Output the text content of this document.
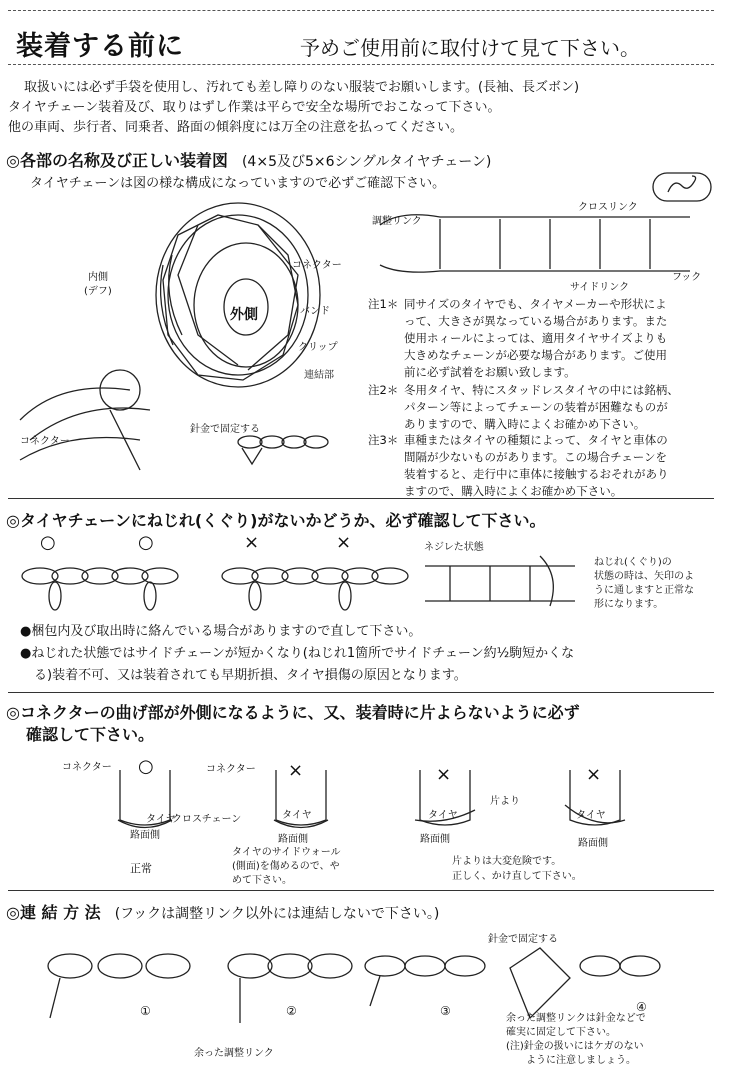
装着する前に	予めご使用前に取付けて見て下さい。
取扱いには必ず手袋を使用し、汚れても差し障りのない服装でお願いします。(長袖、長ズボン)
タイヤチェーン装着及び、取りはずし作業は平らで安全な場所でおこなって下さい。
他の車両、歩行者、同乗者、路面の傾斜度には万全の注意を払ってください。
◎各部の名称及び正しい装着図 (4×5及び5×6シングルタイヤチェーン)
タイヤチェーンは図の様な構成になっていますので必ずご確認下さい。
内側
(デフ)
外側
コネクター
バンド
クリップ
連結部
コネクター
針金で固定する
調整リンク
クロスリンク
サイドリンク
フック
注1＊ 同サイズのタイヤでも、タイヤメーカーや形状によ
って、大きさが異なっている場合があります。また
使用ホィールによっては、適用タイヤサイズよりも
大きめなチェーンが必要な場合があります。ご使用
前に必ず試着をお願い致します。
注2＊ 冬用タイヤ、特にスタッドレスタイヤの中には銘柄、
パターン等によってチェーンの装着が困難なものが
ありますので、購入時によくお確かめ下さい。
注3＊ 車種またはタイヤの種類によって、タイヤと車体の
間隔が少ないものがあります。この場合チェーンを
装着すると、走行中に車体に接触するおそれがあり
ますので、購入時によくお確かめ下さい。
◎タイヤチェーンにねじれ(くぐり)がないかどうか、必ず確認して下さい。
○	○	×	×	ネジレた状態
ねじれ(くぐり)の
状態の時は、矢印のよ
うに通しますと正常な
形になります。
●梱包内及び取出時に絡んでいる場合がありますので直して下さい。
●ねじれた状態ではサイドチェーンが短かくなり(ねじれ1箇所でサイドチェーン約½駒短かくな
る)装着不可、又は装着されても早期折損、タイヤ損傷の原因となります。
◎コネクターの曲げ部が外側になるように、又、装着時に片よらないように必ず
確認して下さい。
○	×	×	×
コネクター	コネクター
タイヤ
クロスチェーン
路面側
正常
タイヤ
路面側
タイヤのサイドウォール
(側面)を傷めるので、や
めて下さい。
片より
タイヤ	タイヤ
路面側	路面側
片よりは大変危険です。
正しく、かけ直して下さい。
◎連 結 方 法 (フックは調整リンク以外には連結しないで下さい。)
①	②	③	④
針金で固定する
余った調整リンク
余った調整リンクは針金などで
確実に固定して下さい。
(注)針金の扱いにはケガのない
ように注意しましょう。
